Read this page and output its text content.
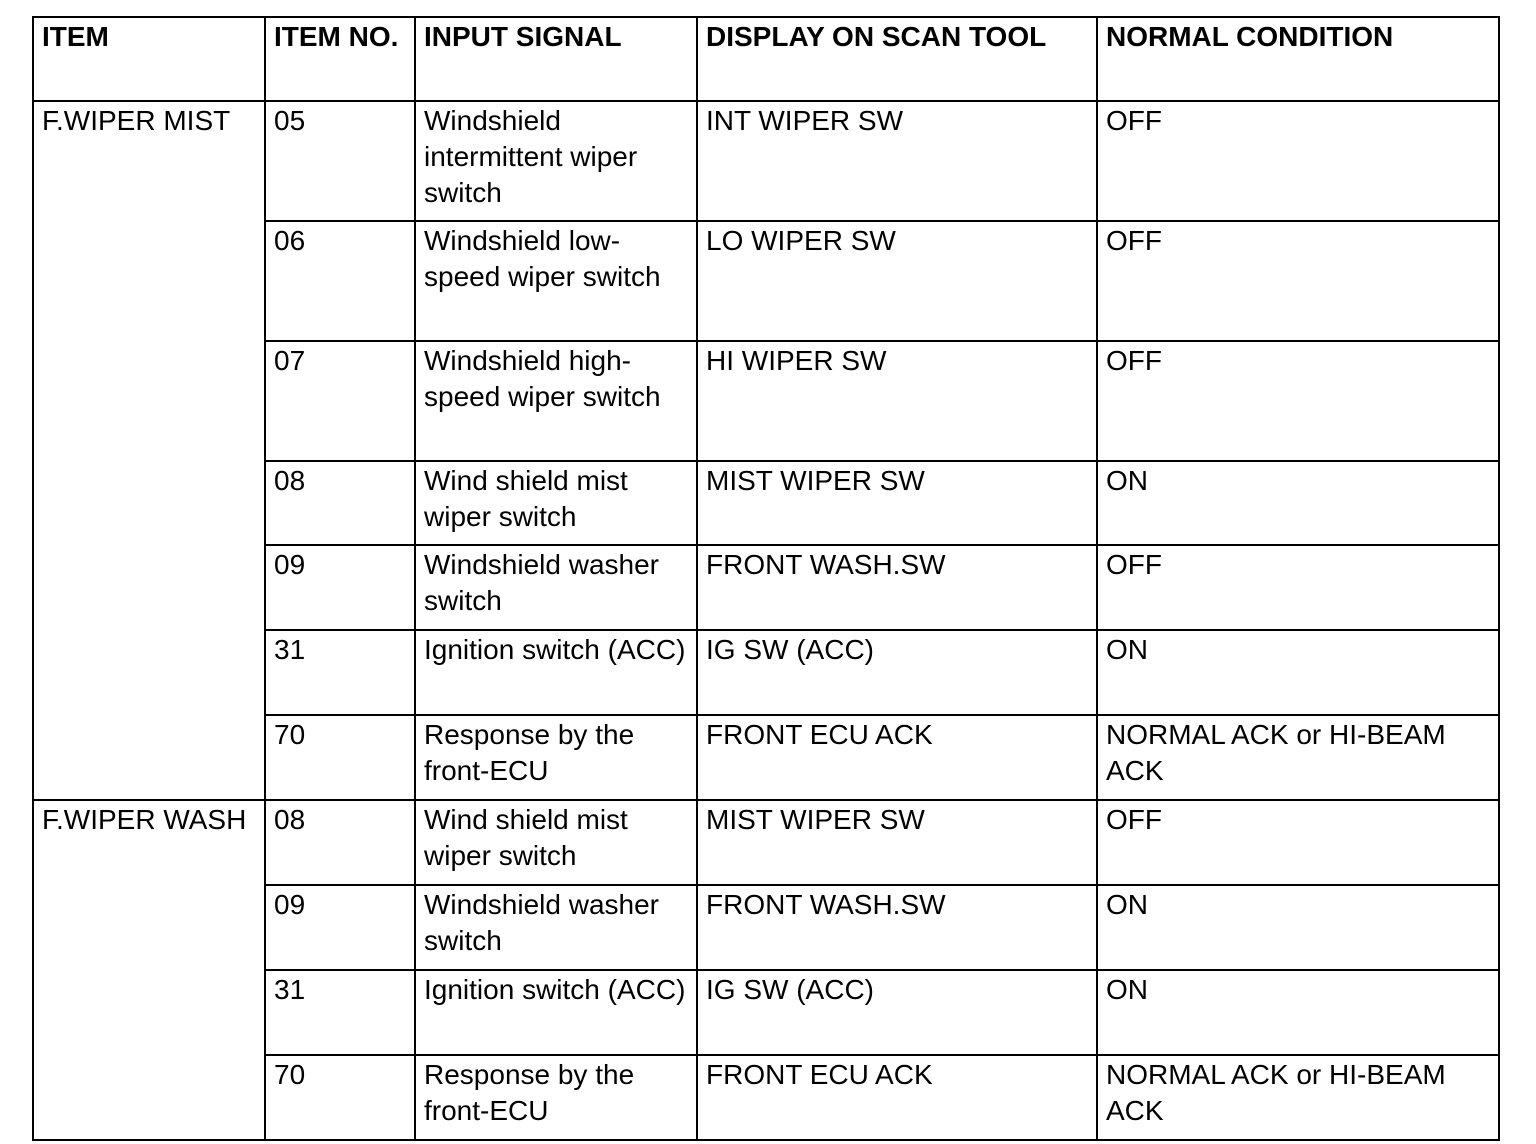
ITEM	ITEM NO.	INPUT SIGNAL	DISPLAY ON SCAN TOOL	NORMAL CONDITION

F.WIPER MIST	05	Windshield intermittent wiper switch	INT WIPER SW	OFF

	06	Windshield low-speed wiper switch	LO WIPER SW	OFF

	07	Windshield high-speed wiper switch	HI WIPER SW	OFF

	08	Wind shield mist wiper switch	MIST WIPER SW	ON

	09	Windshield washer switch	FRONT WASH.SW	OFF

	31	Ignition switch (ACC)	IG SW (ACC)	ON

	70	Response by the front-ECU	FRONT ECU ACK	NORMAL ACK or HI-BEAM ACK

F.WIPER WASH	08	Wind shield mist wiper switch	MIST WIPER SW	OFF

	09	Windshield washer switch	FRONT WASH.SW	ON

	31	Ignition switch (ACC)	IG SW (ACC)	ON

	70	Response by the front-ECU	FRONT ECU ACK	NORMAL ACK or HI-BEAM ACK
